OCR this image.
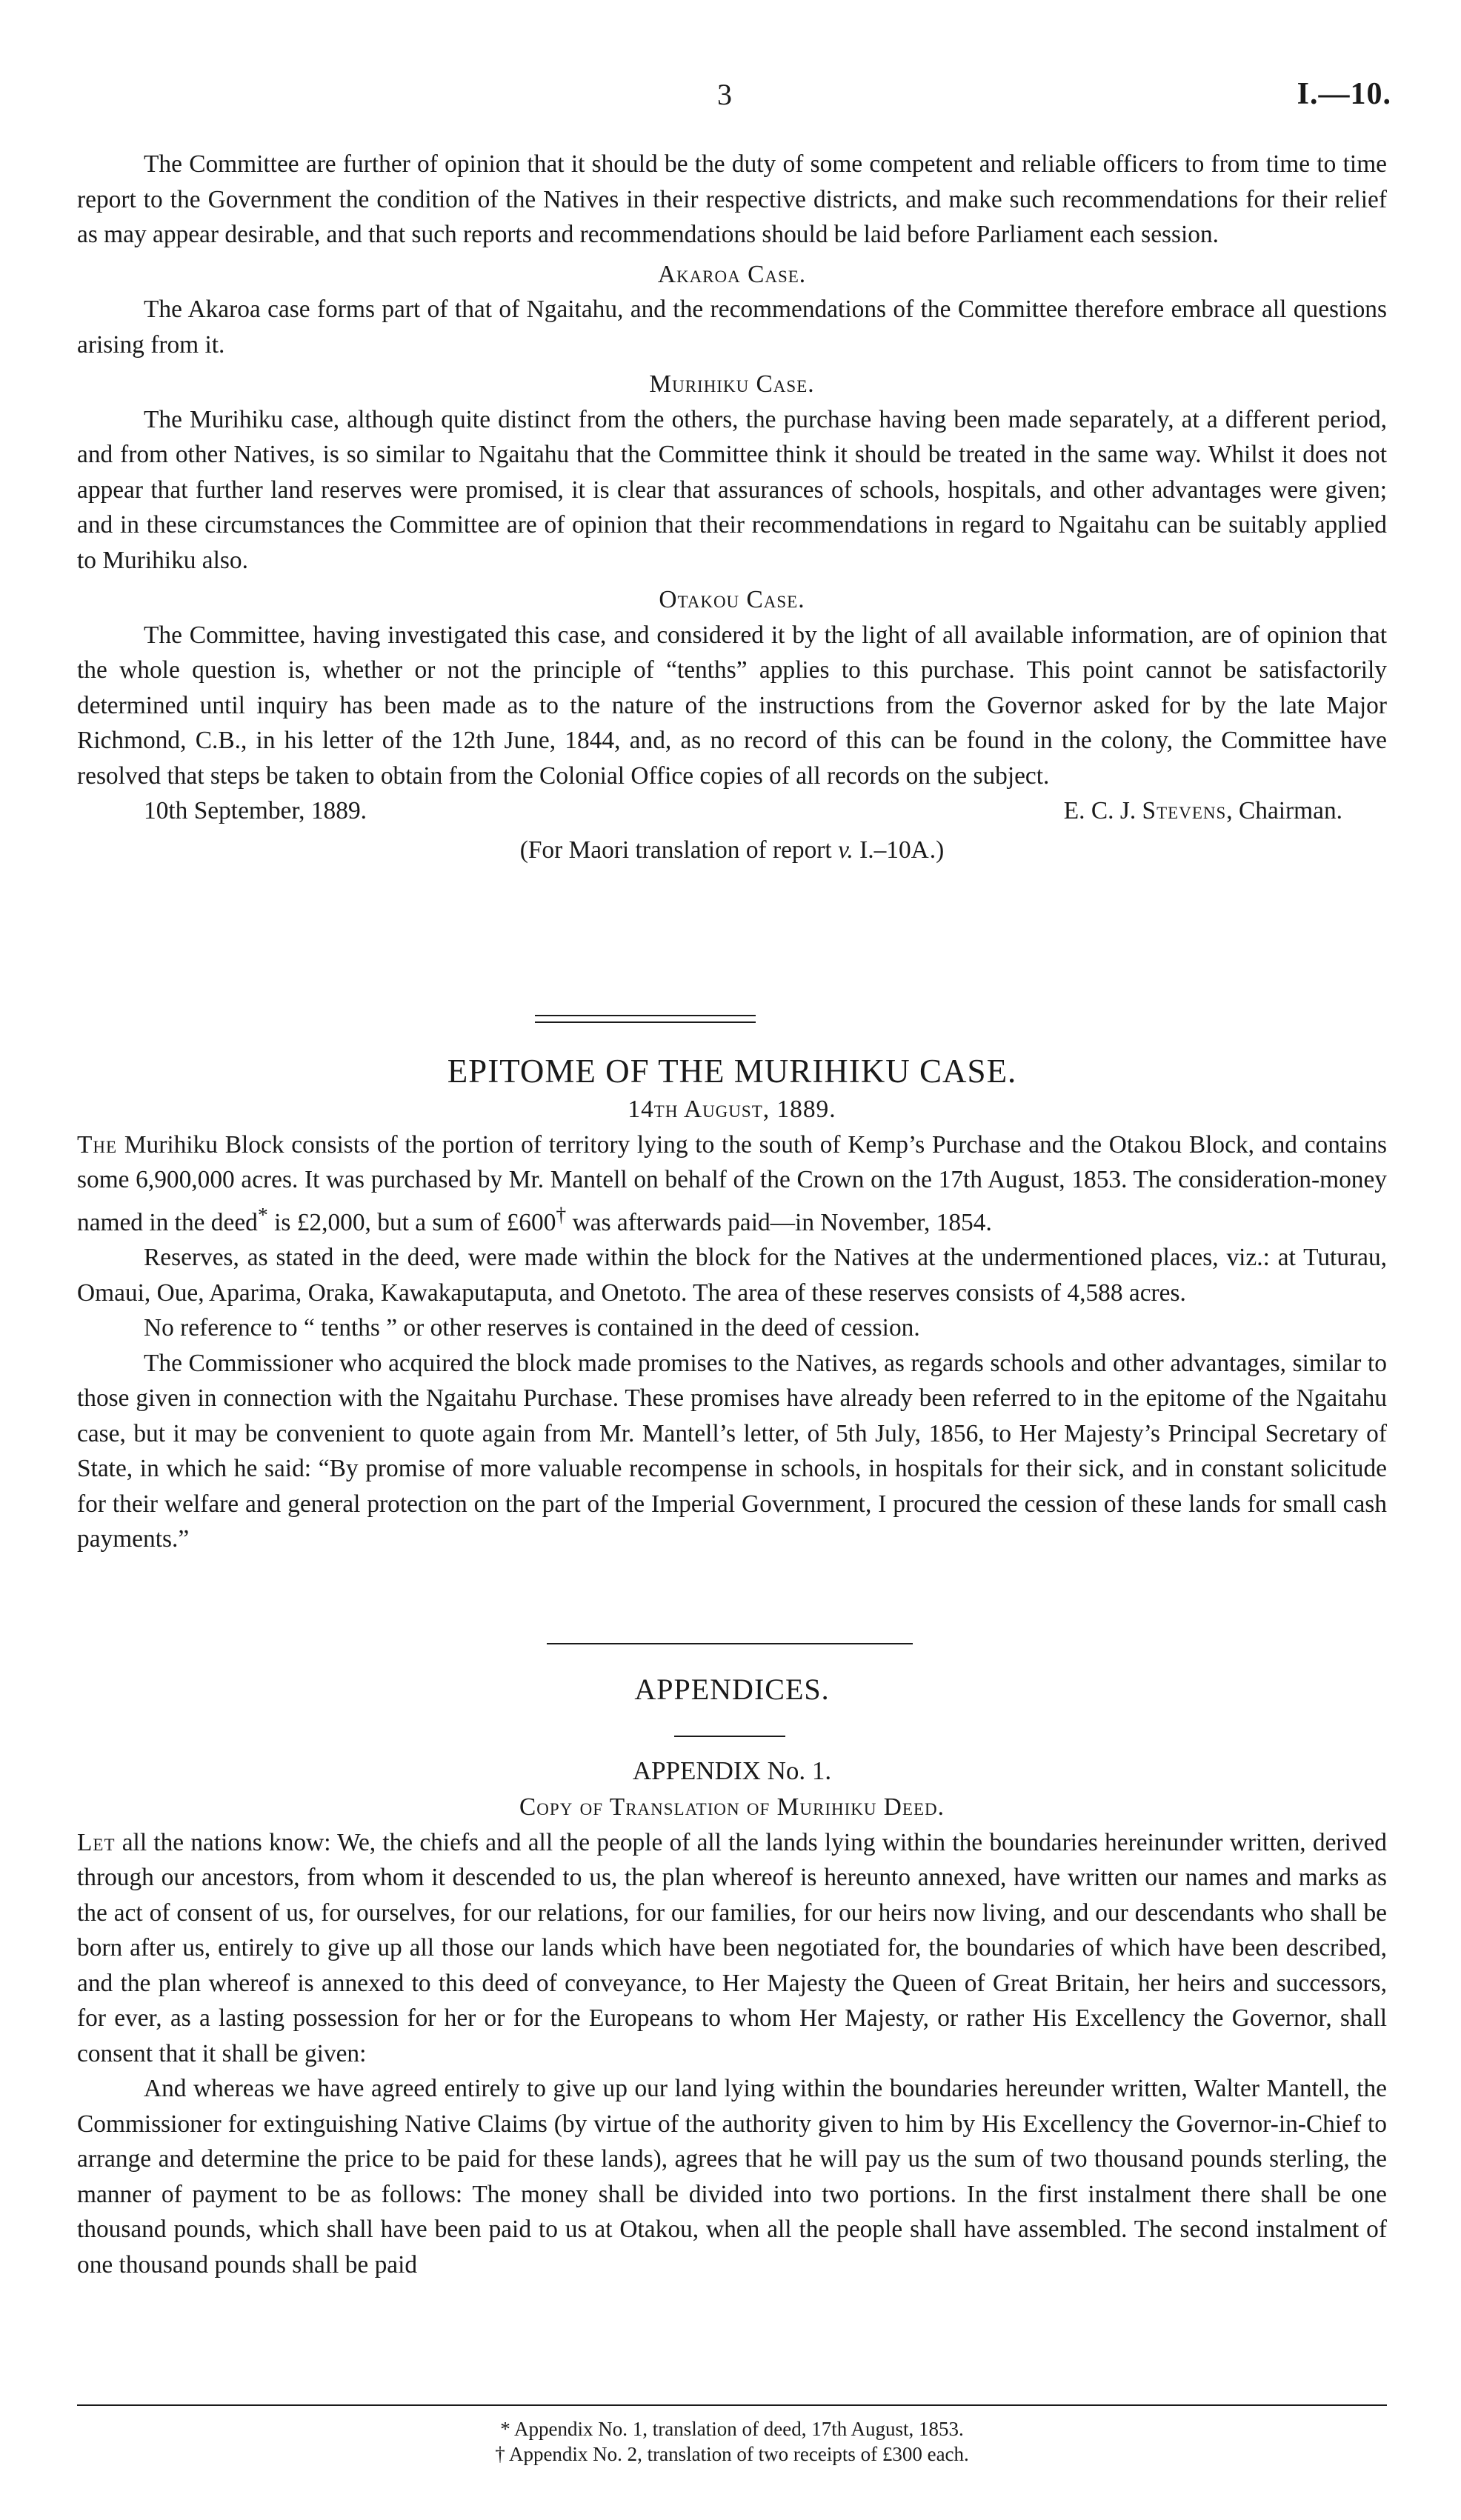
3	I.—10.

The Committee are further of opinion that it should be the duty of some competent and reliable officers to from time to time report to the Government the condition of the Natives in their respective districts, and make such recommendations for their relief as may appear desirable, and that such reports and recommendations should be laid before Parliament each session.

Akaroa Case.

The Akaroa case forms part of that of Ngaitahu, and the recommendations of the Committee therefore embrace all questions arising from it.

Murihiku Case.

The Murihiku case, although quite distinct from the others, the purchase having been made separately, at a different period, and from other Natives, is so similar to Ngaitahu that the Committee think it should be treated in the same way. Whilst it does not appear that further land reserves were promised, it is clear that assurances of schools, hospitals, and other advantages were given; and in these circumstances the Committee are of opinion that their recommendations in regard to Ngaitahu can be suitably applied to Murihiku also.

Otakou Case.

The Committee, having investigated this case, and considered it by the light of all available information, are of opinion that the whole question is, whether or not the principle of “tenths” applies to this purchase. This point cannot be satisfactorily determined until inquiry has been made as to the nature of the instructions from the Governor asked for by the late Major Richmond, C.B., in his letter of the 12th June, 1844, and, as no record of this can be found in the colony, the Committee have resolved that steps be taken to obtain from the Colonial Office copies of all records on the subject.

10th September, 1889.	E. C. J. Stevens, Chairman.
(For Maori translation of report v. I.–10A.)
EPITOME OF THE MURIHIKU CASE.
14th August, 1889.

The Murihiku Block consists of the portion of territory lying to the south of Kemp’s Purchase and the Otakou Block, and contains some 6,900,000 acres. It was purchased by Mr. Mantell on behalf of the Crown on the 17th August, 1853. The consideration-money named in the deed* is £2,000, but a sum of £600† was afterwards paid—in November, 1854.

Reserves, as stated in the deed, were made within the block for the Natives at the undermentioned places, viz.: at Tuturau, Omaui, Oue, Aparima, Oraka, Kawakaputaputa, and Onetoto. The area of these reserves consists of 4,588 acres.

No reference to “ tenths ” or other reserves is contained in the deed of cession.

The Commissioner who acquired the block made promises to the Natives, as regards schools and other advantages, similar to those given in connection with the Ngaitahu Purchase. These promises have already been referred to in the epitome of the Ngaitahu case, but it may be convenient to quote again from Mr. Mantell’s letter, of 5th July, 1856, to Her Majesty’s Principal Secretary of State, in which he said: “By promise of more valuable recompense in schools, in hospitals for their sick, and in constant solicitude for their welfare and general protection on the part of the Imperial Government, I procured the cession of these lands for small cash payments.”

APPENDICES.
APPENDIX No. 1.
Copy of Translation of Murihiku Deed.

Let all the nations know: We, the chiefs and all the people of all the lands lying within the boundaries hereinunder written, derived through our ancestors, from whom it descended to us, the plan whereof is hereunto annexed, have written our names and marks as the act of consent of us, for ourselves, for our relations, for our families, for our heirs now living, and our descendants who shall be born after us, entirely to give up all those our lands which have been negotiated for, the boundaries of which have been described, and the plan whereof is annexed to this deed of conveyance, to Her Majesty the Queen of Great Britain, her heirs and successors, for ever, as a lasting possession for her or for the Europeans to whom Her Majesty, or rather His Excellency the Governor, shall consent that it shall be given:

And whereas we have agreed entirely to give up our land lying within the boundaries hereunder written, Walter Mantell, the Commissioner for extinguishing Native Claims (by virtue of the authority given to him by His Excellency the Governor-in-Chief to arrange and determine the price to be paid for these lands), agrees that he will pay us the sum of two thousand pounds sterling, the manner of payment to be as follows: The money shall be divided into two portions. In the first instalment there shall be one thousand pounds, which shall have been paid to us at Otakou, when all the people shall have assembled. The second instalment of one thousand pounds shall be paid

* Appendix No. 1, translation of deed, 17th August, 1853.
† Appendix No. 2, translation of two receipts of £300 each.
